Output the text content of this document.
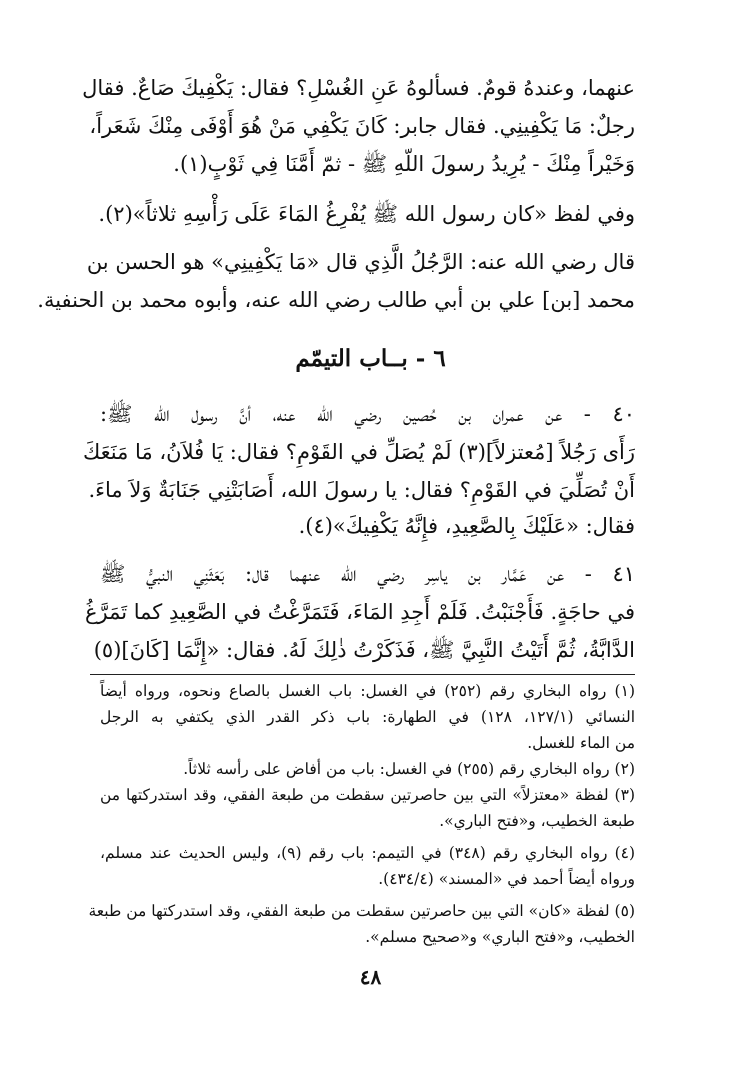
عنهما، وعندهُ قومٌ. فسألوهُ عَنِ الغُسْلِ؟ فقال: يَكْفِيكَ صَاعٌ. فقال
رجلٌ: مَا يَكْفِينِي. فقال جابر: كَانَ يَكْفِي مَنْ هُوَ أَوْفَى مِنْكَ شَعَراً،
وَخَيْراً مِنْكَ - يُرِيدُ رسولَ اللّهِ ﷺ - ثمّ أَمَّنَا فِي ثَوْبٍ(١).
وفي لفظ «كان رسول الله ﷺ يُفْرِغُ المَاءَ عَلَى رَأْسِهِ ثلاثاً»(٢).
قال رضي الله عنه: الرَّجُلُ الَّذِي قال «مَا يَكْفِينِي» هو الحسن بن
محمد [بن] علي بن أبي طالب رضي الله عنه، وأبوه محمد بن الحنفية.
٦ - بــاب التيمّم
٤٠ - عن عمران بن حُصين رضي الله عنه، أنَّ رسول الله ﷺ:
رَأَى رَجُلاً [مُعتزلاً](٣) لَمْ يُصَلِّ في القَوْمِ؟ فقال: يَا فُلاَنُ، مَا مَنَعَكَ
أَنْ تُصَلِّيَ في القَوْمِ؟ فقال: يا رسولَ الله، أَصَابَتْنِي جَنَابَةٌ وَلاَ ماءَ.
فقال: «عَلَيْكَ بِالصَّعِيدِ، فإِنَّهُ يَكْفِيكَ»(٤).
٤١ - عن عَمَّار بن ياسِر رضي الله عنهما قال: بَعَثَنِي النبيُّ ﷺ
في حاجَةٍ. فَأَجْنَبْتُ. فَلَمْ أَجِدِ المَاءَ، فَتَمَرَّغْتُ في الصَّعِيدِ كما تَمَرَّغُ
الدَّابَّةُ، ثُمَّ أَتَيْتُ النَّبِيَّ ﷺ، فَذَكَرْتُ ذٰلِكَ لَهُ. فقال: «إِنَّمَا [كَانَ](٥)
(١) رواه البخاري رقم (٢٥٢) في الغسل: باب الغسل بالصاع ونحوه، ورواه أيضاً
النسائي (١٢٧/١، ١٢٨) في الطهارة: باب ذكر القدر الذي يكتفي به الرجل
من الماء للغسل.
(٢) رواه البخاري رقم (٢٥٥) في الغسل: باب من أفاض على رأسه ثلاثاً.
(٣) لفظة «معتزلاً» التي بين حاصرتين سقطت من طبعة الفقي، وقد استدركتها من
طبعة الخطيب، و«فتح الباري».
(٤) رواه البخاري رقم (٣٤٨) في التيمم: باب رقم (٩)، وليس الحديث عند مسلم،
ورواه أيضاً أحمد في «المسند» (٤٣٤/٤).
(٥) لفظة «كان» التي بين حاصرتين سقطت من طبعة الفقي، وقد استدركتها من طبعة
الخطيب، و«فتح الباري» و«صحيح مسلم».
٤٨
